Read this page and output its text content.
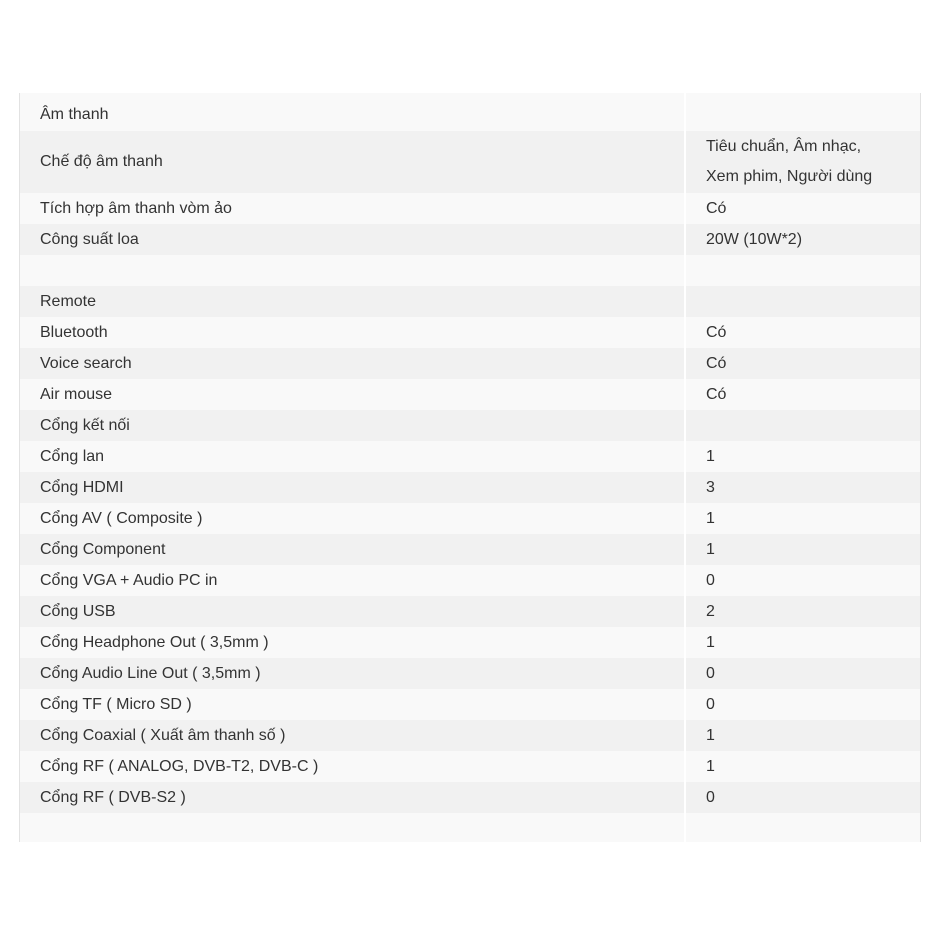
Âm thanh	
Chế độ âm thanh	Tiêu chuẩn, Âm nhạc,
Xem phim, Người dùng

Tích hợp âm thanh vòm ảo	Có
Công suất loa	20W (10W*2)

Remote	
Bluetooth	Có
Voice search	Có
Air mouse	Có
Cổng kết nối	
Cổng lan	1
Cổng HDMI	3
Cổng AV ( Composite )	1
Cổng Component	1
Cổng VGA + Audio PC in	0
Cổng USB	2
Cổng Headphone Out ( 3,5mm )	1
Cổng Audio Line Out ( 3,5mm )	0
Cổng TF ( Micro SD )	0
Cổng Coaxial ( Xuất âm thanh số )	1
Cổng RF ( ANALOG, DVB-T2, DVB-C )	1
Cổng RF ( DVB-S2 )	0
